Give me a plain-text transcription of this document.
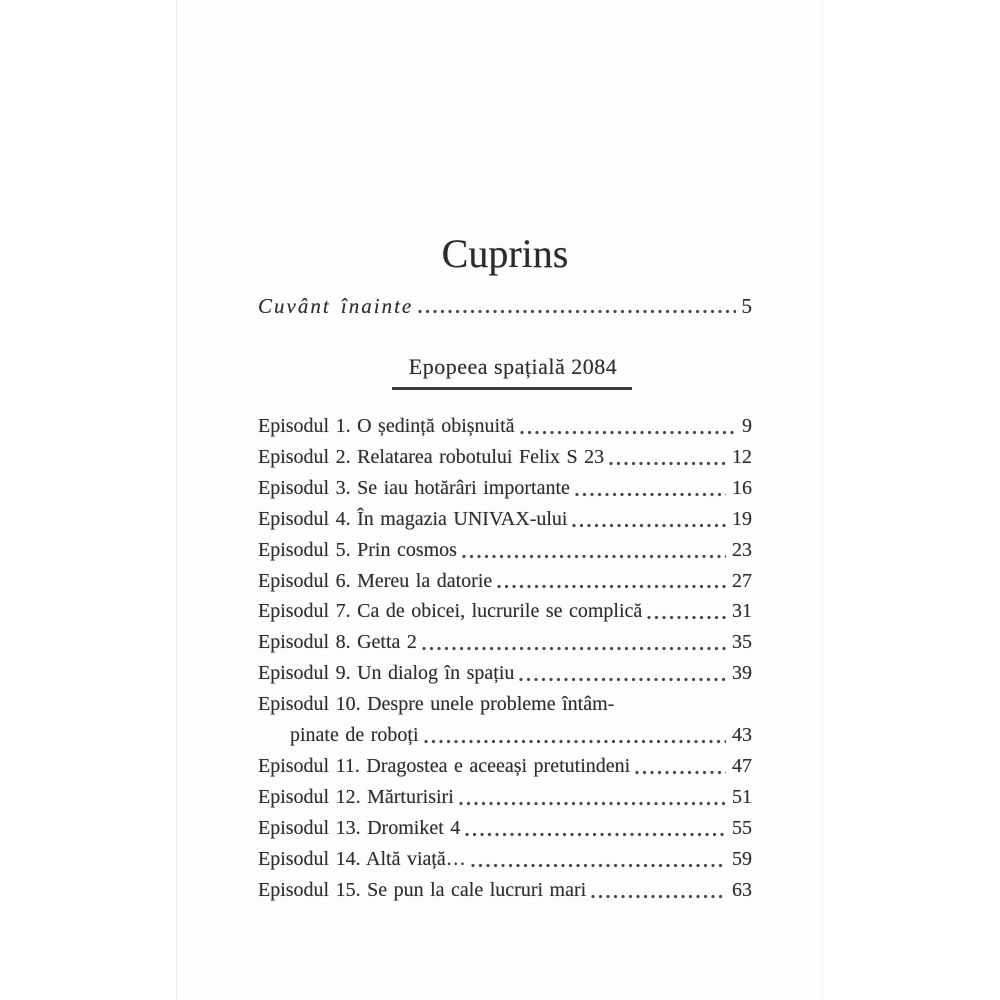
Cuprins
Cuvânt înainte	5
Epopeea spațială 2084
Episodul 1. O ședință obișnuită	9
Episodul 2. Relatarea robotului Felix S 23	12
Episodul 3. Se iau hotărâri importante	16
Episodul 4. În magazia UNIVAX-ului	19
Episodul 5. Prin cosmos	23
Episodul 6. Mereu la datorie	27
Episodul 7. Ca de obicei, lucrurile se complică	31
Episodul 8. Getta 2	35
Episodul 9. Un dialog în spațiu	39
Episodul 10. Despre unele probleme întâm-
pinate de roboți	43
Episodul 11. Dragostea e aceeași pretutindeni	47
Episodul 12. Mărturisiri	51
Episodul 13. Dromiket 4	55
Episodul 14. Altă viață…	59
Episodul 15. Se pun la cale lucruri mari	63
